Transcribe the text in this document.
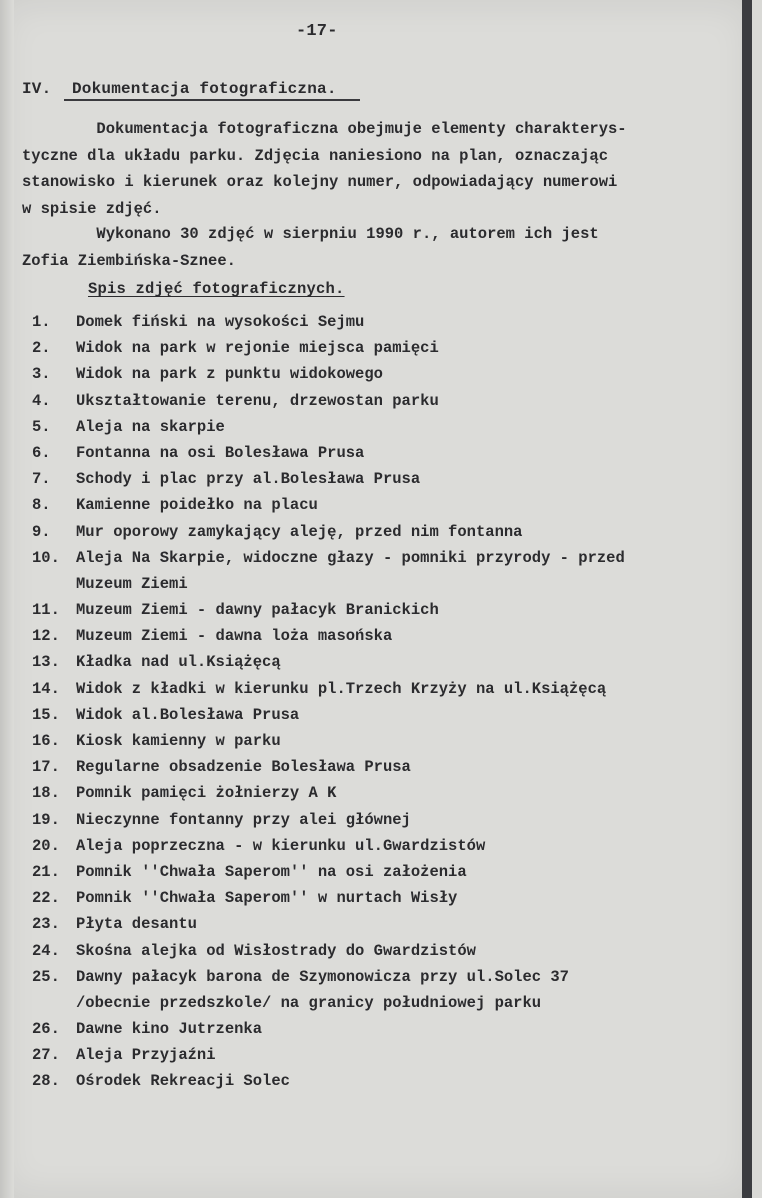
-17-
IV. Dokumentacja fotograficzna.
Dokumentacja fotograficzna obejmuje elementy charakterys-
tyczne dla układu parku. Zdjęcia naniesiono na plan, oznaczając
stanowisko i kierunek oraz kolejny numer, odpowiadający numerowi
w spisie zdjęć.
Wykonano 30 zdjęć w sierpniu 1990 r., autorem ich jest
Zofia Ziembińska-Sznee.
Spis zdjęć fotograficznych.
1.	Domek fiński na wysokości Sejmu
2.	Widok na park w rejonie miejsca pamięci
3.	Widok na park z punktu widokowego
4.	Ukształtowanie terenu, drzewostan parku
5.	Aleja na skarpie
6.	Fontanna na osi Bolesława Prusa
7.	Schody i plac przy al.Bolesława Prusa
8.	Kamienne poidełko na placu
9.	Mur oporowy zamykający aleję, przed nim fontanna
10.	Aleja Na Skarpie, widoczne głazy - pomniki przyrody - przed
Muzeum Ziemi
11.	Muzeum Ziemi - dawny pałacyk Branickich
12.	Muzeum Ziemi - dawna loża masońska
13.	Kładka nad ul.Książęcą
14.	Widok z kładki w kierunku pl.Trzech Krzyży na ul.Książęcą
15.	Widok al.Bolesława Prusa
16.	Kiosk kamienny w parku
17.	Regularne obsadzenie Bolesława Prusa
18.	Pomnik pamięci żołnierzy A K
19.	Nieczynne fontanny przy alei głównej
20.	Aleja poprzeczna - w kierunku ul.Gwardzistów
21.	Pomnik ''Chwała Saperom'' na osi założenia
22.	Pomnik ''Chwała Saperom'' w nurtach Wisły
23.	Płyta desantu
24.	Skośna alejka od Wisłostrady do Gwardzistów
25.	Dawny pałacyk barona de Szymonowicza przy ul.Solec 37
/obecnie przedszkole/ na granicy południowej parku
26.	Dawne kino Jutrzenka
27.	Aleja Przyjaźni
28.	Ośrodek Rekreacji Solec
